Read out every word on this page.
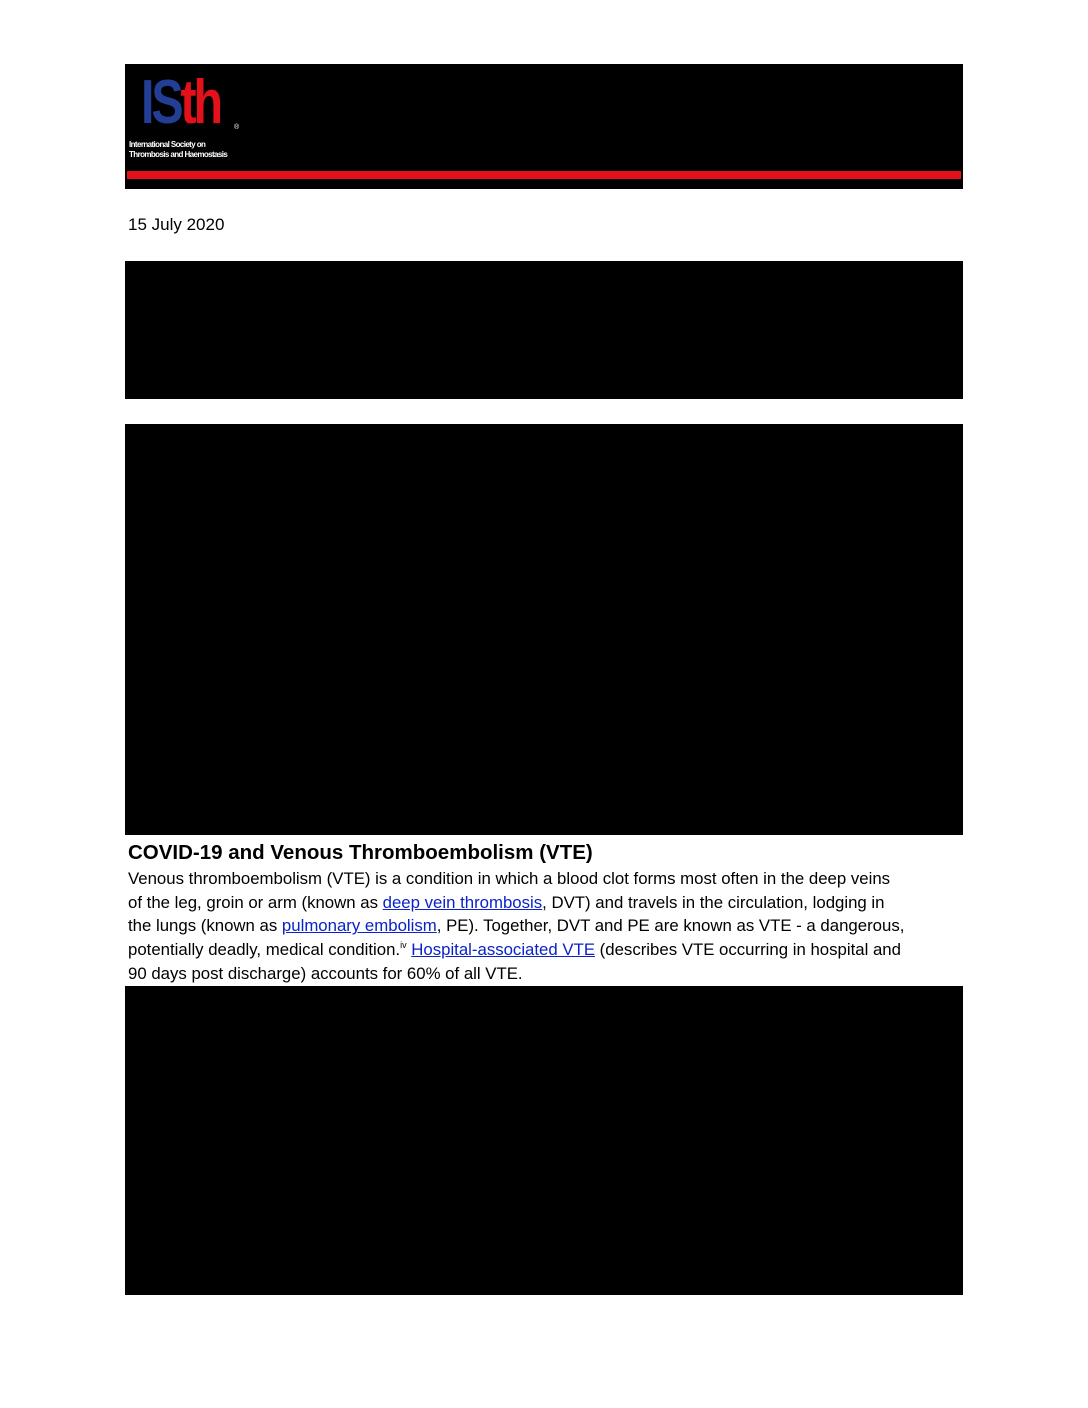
ISth ®
International Society on
Thrombosis and Haemostasis
15 July 2020
COVID-19 and Venous Thromboembolism (VTE)

Venous thromboembolism (VTE) is a condition in which a blood clot forms most often in the deep veins
of the leg, groin or arm (known as deep vein thrombosis, DVT) and travels in the circulation, lodging in
the lungs (known as pulmonary embolism, PE). Together, DVT and PE are known as VTE - a dangerous,
potentially deadly, medical condition.$^{iv}$ Hospital-associated VTE (describes VTE occurring in hospital and
90 days post discharge) accounts for 60% of all VTE.
